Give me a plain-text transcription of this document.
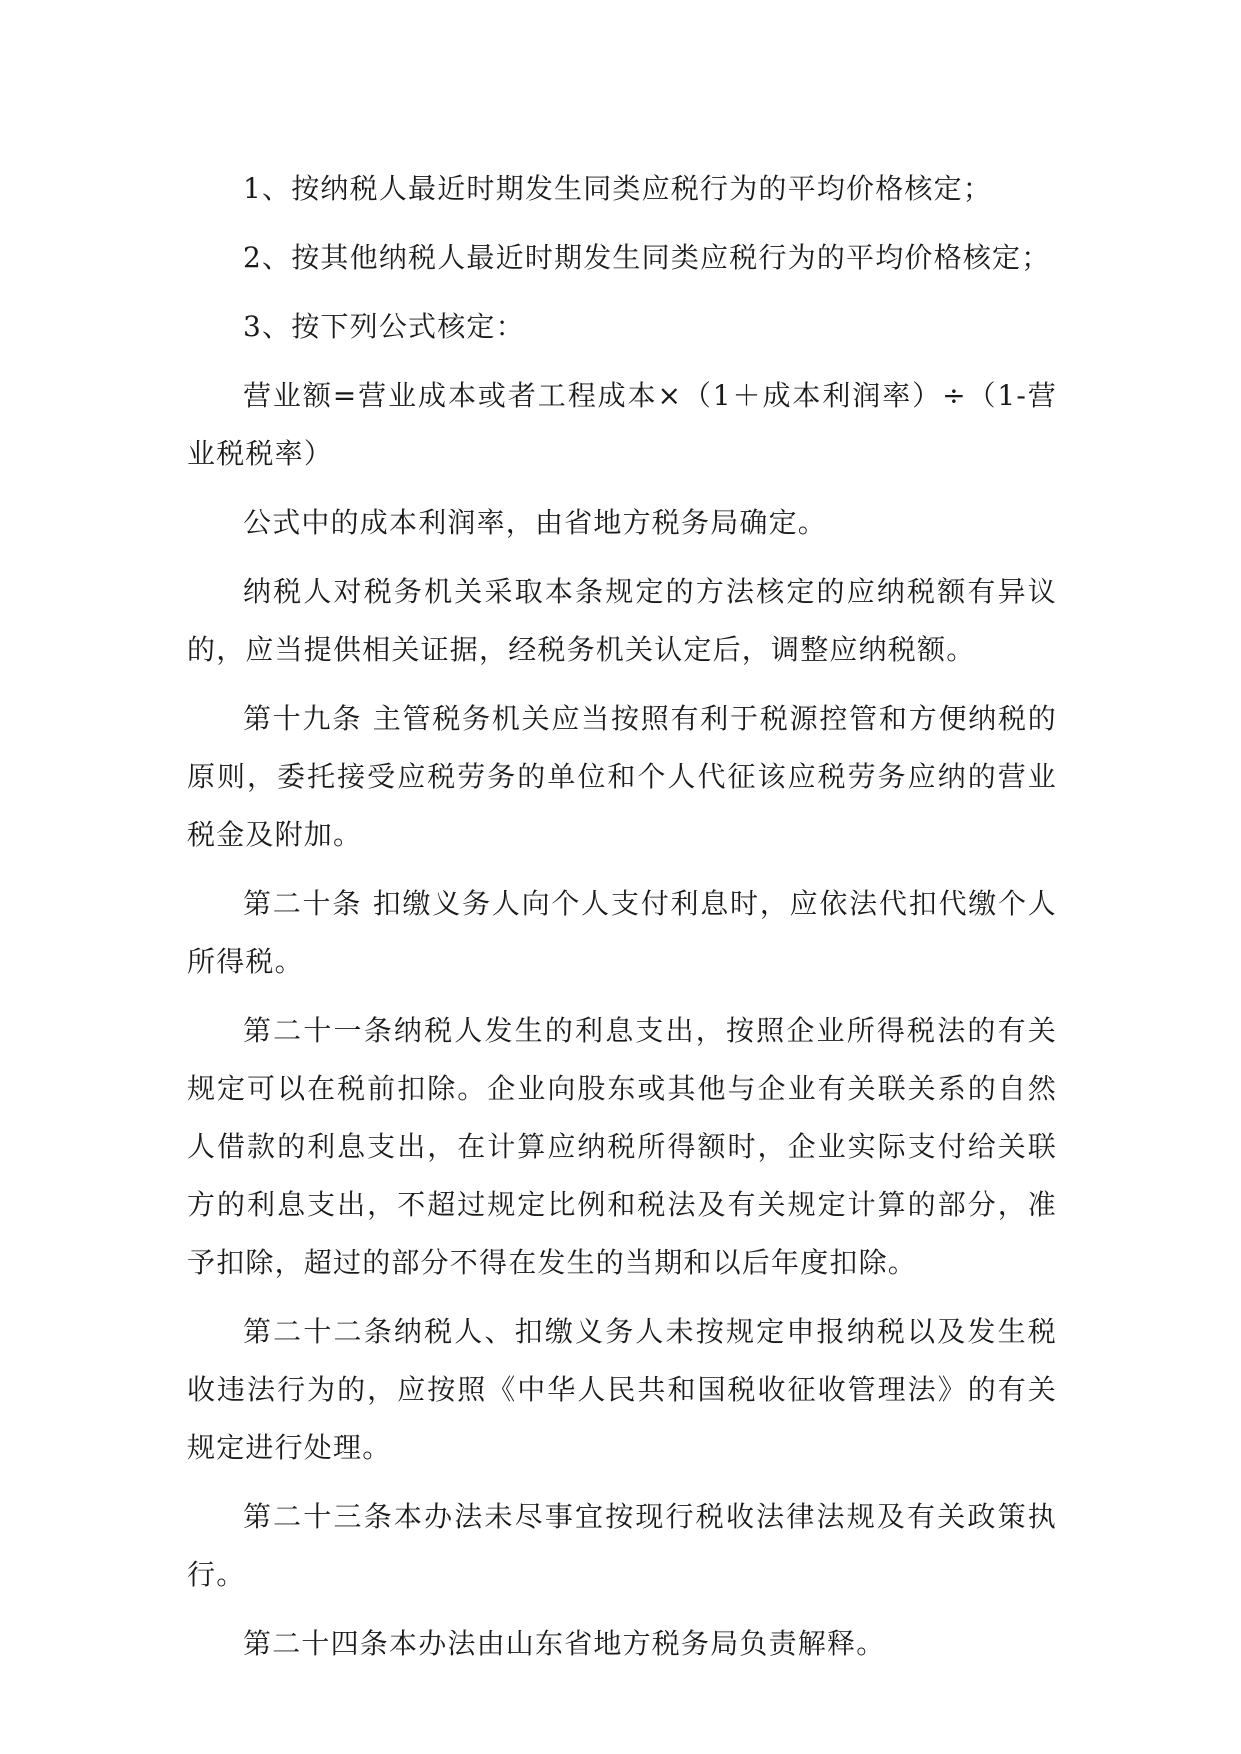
1、按纳税人最近时期发生同类应税行为的平均价格核定；

2、按其他纳税人最近时期发生同类应税行为的平均价格核定；

3、按下列公式核定：

营业额=营业成本或者工程成本×（1＋成本利润率）÷（1-营业税税率）

公式中的成本利润率，由省地方税务局确定。

纳税人对税务机关采取本条规定的方法核定的应纳税额有异议的，应当提供相关证据，经税务机关认定后，调整应纳税额。

第十九条 主管税务机关应当按照有利于税源控管和方便纳税的原则，委托接受应税劳务的单位和个人代征该应税劳务应纳的营业税金及附加。

第二十条 扣缴义务人向个人支付利息时，应依法代扣代缴个人所得税。

第二十一条纳税人发生的利息支出，按照企业所得税法的有关规定可以在税前扣除。企业向股东或其他与企业有关联关系的自然人借款的利息支出，在计算应纳税所得额时，企业实际支付给关联方的利息支出，不超过规定比例和税法及有关规定计算的部分，准予扣除，超过的部分不得在发生的当期和以后年度扣除。

第二十二条纳税人、扣缴义务人未按规定申报纳税以及发生税收违法行为的，应按照《中华人民共和国税收征收管理法》的有关规定进行处理。

第二十三条本办法未尽事宜按现行税收法律法规及有关政策执行。

第二十四条本办法由山东省地方税务局负责解释。
